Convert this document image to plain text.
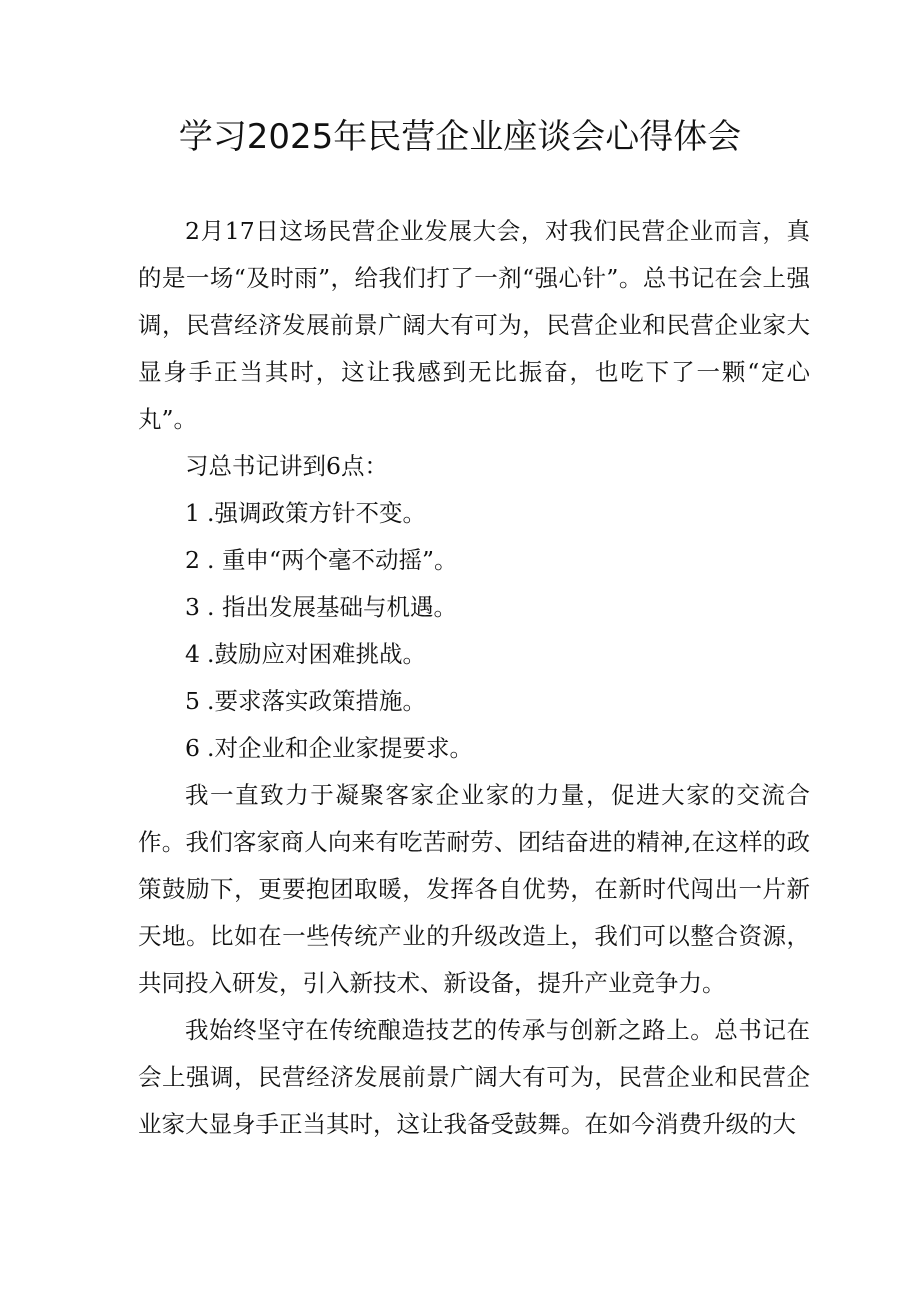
学习2025年民营企业座谈会心得体会

2月17日这场民营企业发展大会，对我们民营企业而言，真的是一场“及时雨”，给我们打了一剂“强心针”。总书记在会上强调，民营经济发展前景广阔大有可为，民营企业和民营企业家大显身手正当其时，这让我感到无比振奋，也吃下了一颗“定心丸”。

习总书记讲到6点：

1 .强调政策方针不变。

2 . 重申“两个毫不动摇”。

3 . 指出发展基础与机遇。

4 .鼓励应对困难挑战。

5 .要求落实政策措施。

6 .对企业和企业家提要求。

我一直致力于凝聚客家企业家的力量，促进大家的交流合作。我们客家商人向来有吃苦耐劳、团结奋进的精神,在这样的政策鼓励下，更要抱团取暖，发挥各自优势，在新时代闯出一片新天地。比如在一些传统产业的升级改造上，我们可以整合资源，共同投入研发，引入新技术、新设备，提升产业竞争力。

我始终坚守在传统酿造技艺的传承与创新之路上。总书记在会上强调，民营经济发展前景广阔大有可为，民营企业和民营企业家大显身手正当其时，这让我备受鼓舞。在如今消费升级的大
